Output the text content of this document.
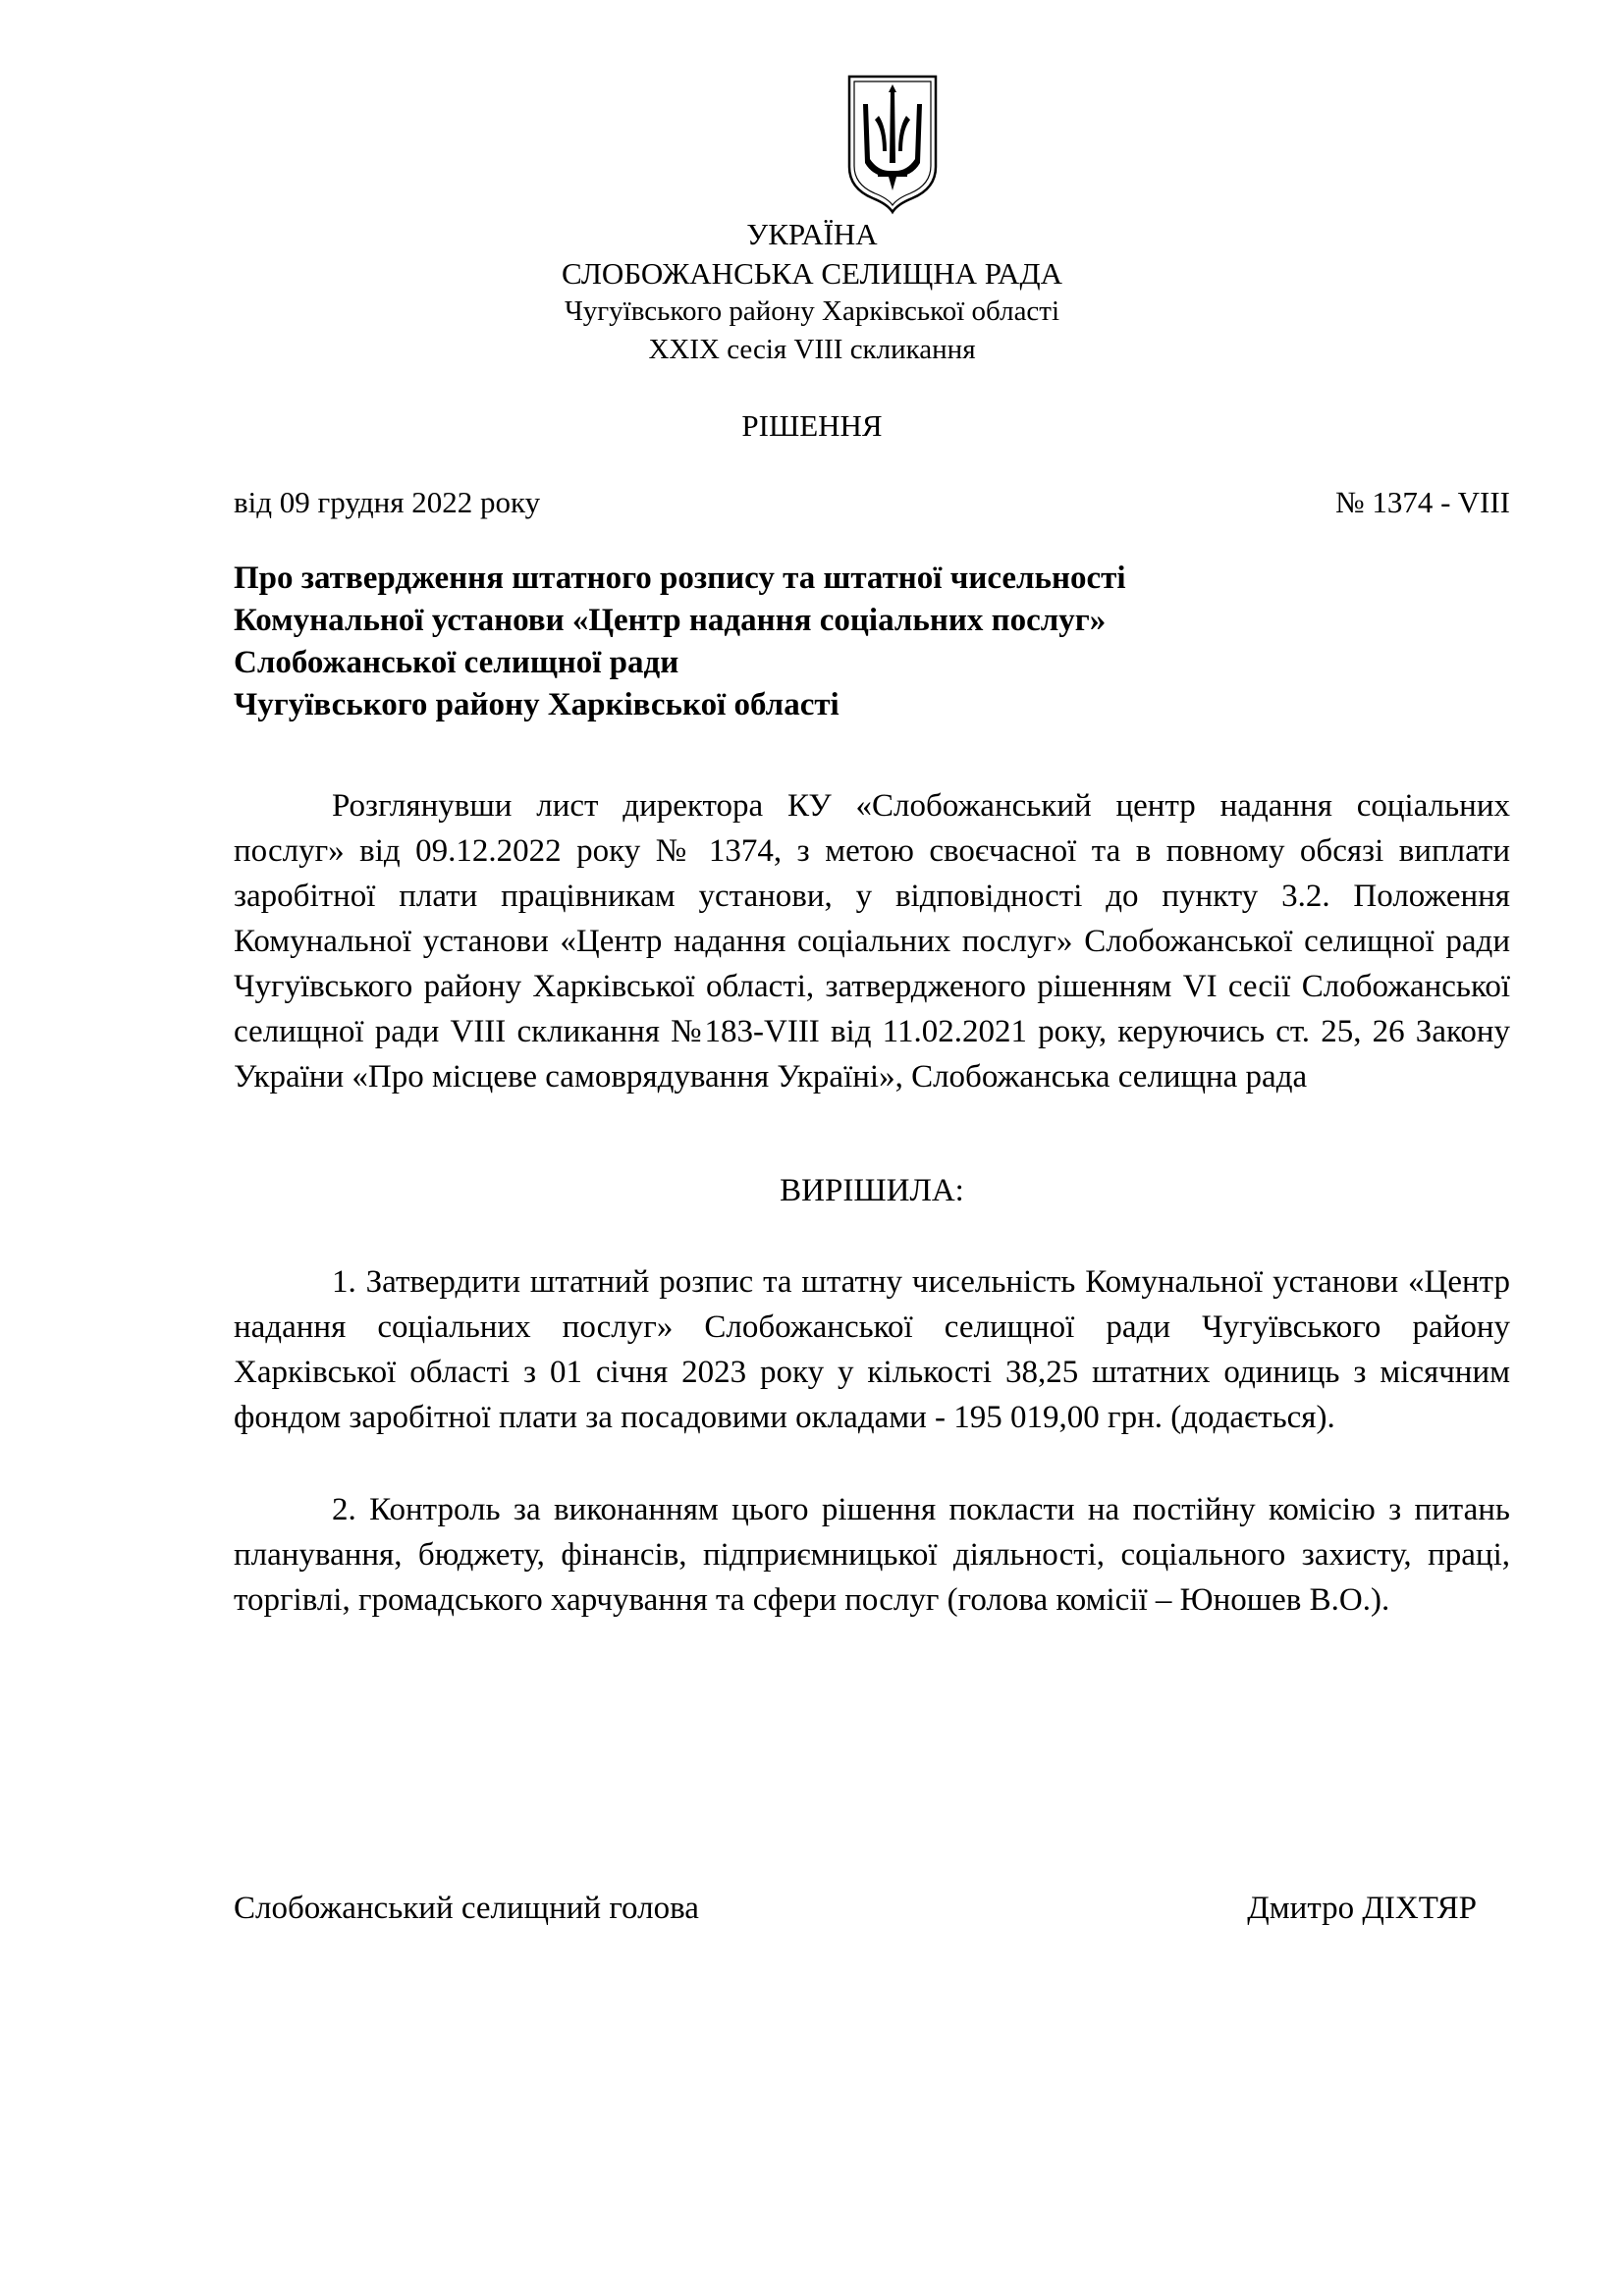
УКРАЇНА
СЛОБОЖАНСЬКА СЕЛИЩНА РАДА
Чугуївського району Харківської області
XXIX сесія VIII скликання
РІШЕННЯ
від 09 грудня 2022 року	№ 1374 - VIII
Про затвердження штатного розпису та штатної чисельності
Комунальної установи «Центр надання соціальних послуг»
Слобожанської селищної ради
Чугуївського району Харківської області

Розглянувши лист директора КУ «Слобожанський центр надання соціальних послуг» від 09.12.2022 року № 1374, з метою своєчасної та в повному обсязі виплати заробітної плати працівникам установи, у відповідності до пункту 3.2. Положення Комунальної установи «Центр надання соціальних послуг» Слобожанської селищної ради Чугуївського району Харківської області, затвердженого рішенням VI сесії Слобожанської селищної ради VIII скликання №183-VIII від 11.02.2021 року, керуючись ст. 25, 26 Закону України «Про місцеве самоврядування Україні», Слобожанська селищна рада

ВИРІШИЛА:

1. Затвердити штатний розпис та штатну чисельність Комунальної установи «Центр надання соціальних послуг» Слобожанської селищної ради Чугуївського району Харківської області з 01 січня 2023 року у кількості 38,25 штатних одиниць з місячним фондом заробітної плати за посадовими окладами - 195 019,00 грн. (додається).

2. Контроль за виконанням цього рішення покласти на постійну комісію з питань планування, бюджету, фінансів, підприємницької діяльності, соціального захисту, праці, торгівлі, громадського харчування та сфери послуг (голова комісії – Юношев В.О.).

Слобожанський селищний голова	Дмитро ДІХТЯР
